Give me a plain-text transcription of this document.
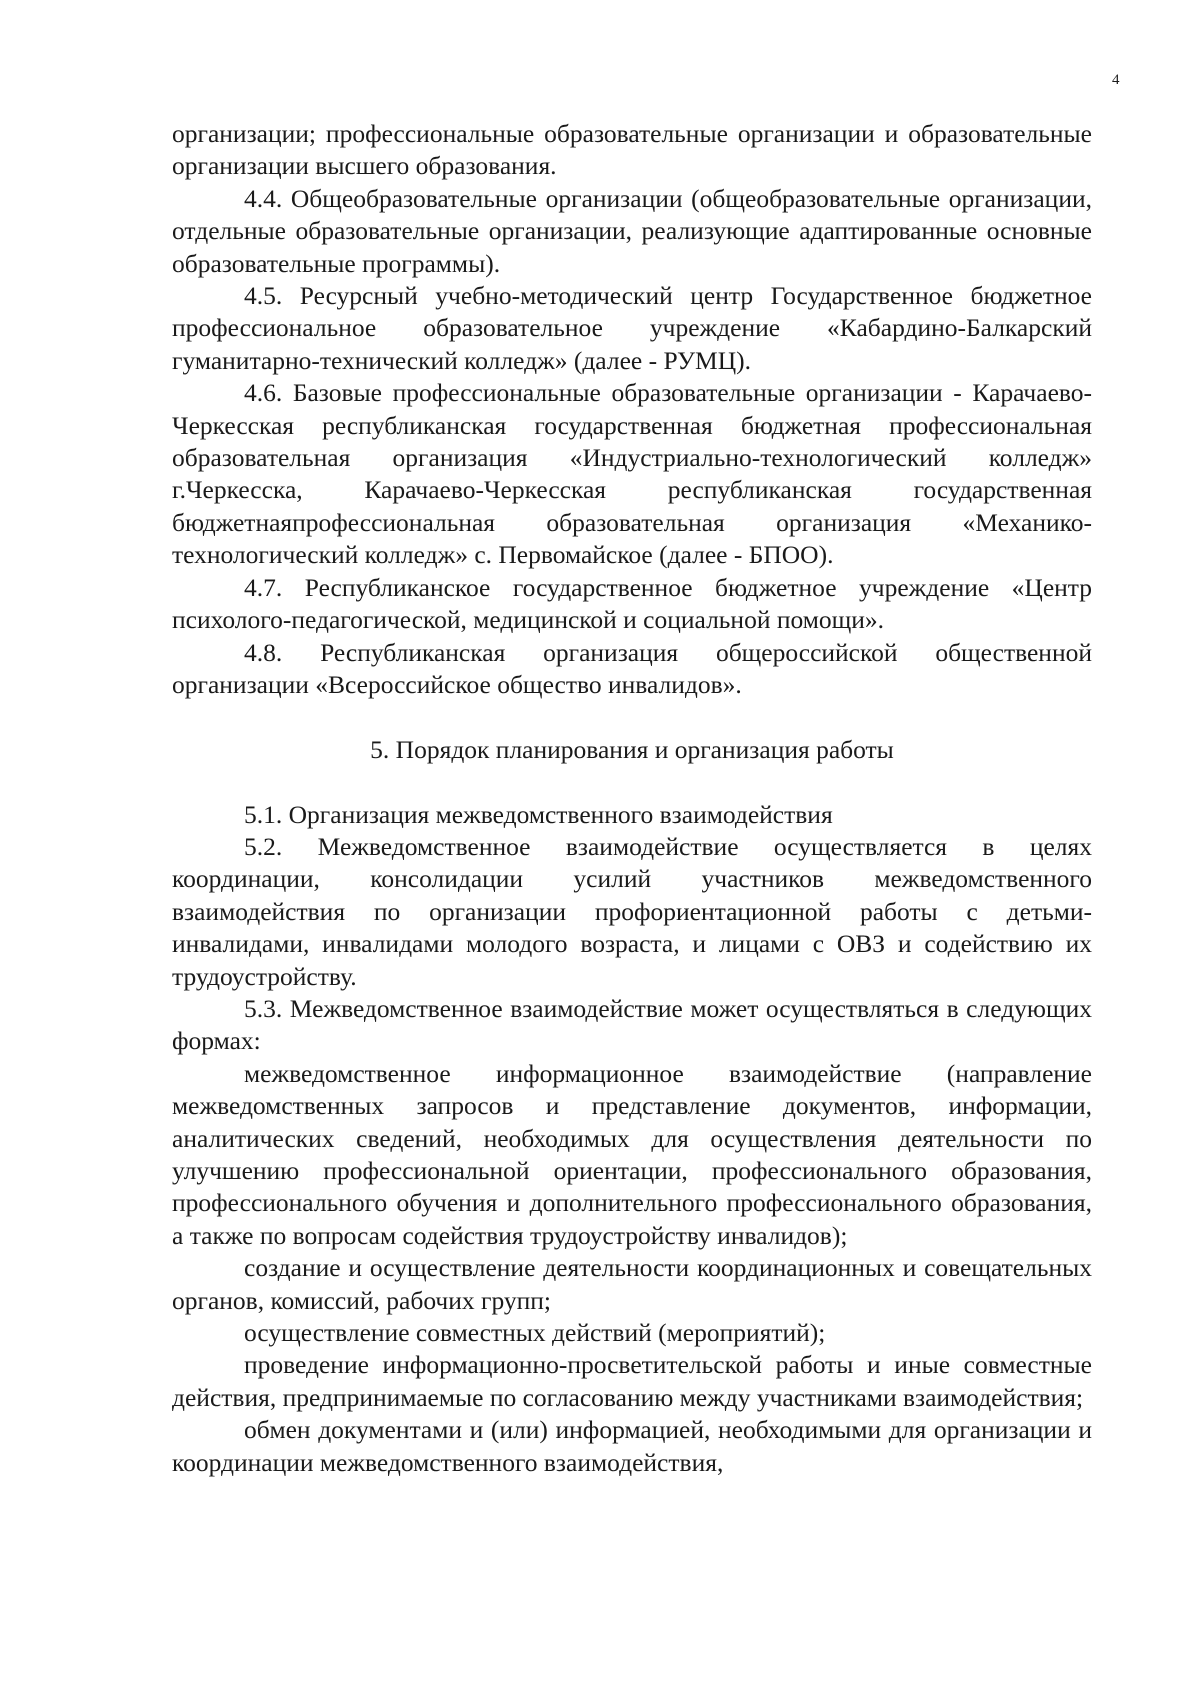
4

организации; профессиональные образовательные организации и образовательные организации высшего образования.

4.4. Общеобразовательные организации (общеобразовательные организации, отдельные образовательные организации, реализующие адаптированные основные образовательные программы).

4.5. Ресурсный учебно-методический центр Государственное бюджетное профессиональное образовательное учреждение «Кабардино-Балкарский гуманитарно-технический колледж» (далее - РУМЦ).

4.6. Базовые профессиональные образовательные организации - Карачаево-Черкесская республиканская государственная бюджетная профессиональная образовательная организация «Индустриально-технологический колледж» г.Черкесска, Карачаево-Черкесская республиканская государственная бюджетнаяпрофессиональная образовательная организация «Механико-технологический колледж» с. Первомайское (далее - БПОО).

4.7. Республиканское государственное бюджетное учреждение «Центр психолого-педагогической, медицинской и социальной помощи».

4.8. Республиканская организация общероссийской общественной организации «Всероссийское общество инвалидов».

5. Порядок планирования и организация работы

5.1. Организация межведомственного взаимодействия

5.2. Межведомственное взаимодействие осуществляется в целях координации, консолидации усилий участников межведомственного взаимодействия по организации профориентационной работы с детьми-инвалидами, инвалидами молодого возраста, и лицами с ОВЗ и содействию их трудоустройству.

5.3. Межведомственное взаимодействие может осуществляться в следующих формах:

межведомственное информационное взаимодействие (направление межведомственных запросов и представление документов, информации, аналитических сведений, необходимых для осуществления деятельности по улучшению профессиональной ориентации, профессионального образования, профессионального обучения и дополнительного профессионального образования, а также по вопросам содействия трудоустройству инвалидов);

создание и осуществление деятельности координационных и совещательных органов, комиссий, рабочих групп;

осуществление совместных действий (мероприятий);

проведение информационно-просветительской работы и иные совместные действия, предпринимаемые по согласованию между участниками взаимодействия;

обмен документами и (или) информацией, необходимыми для организации и координации межведомственного взаимодействия,
